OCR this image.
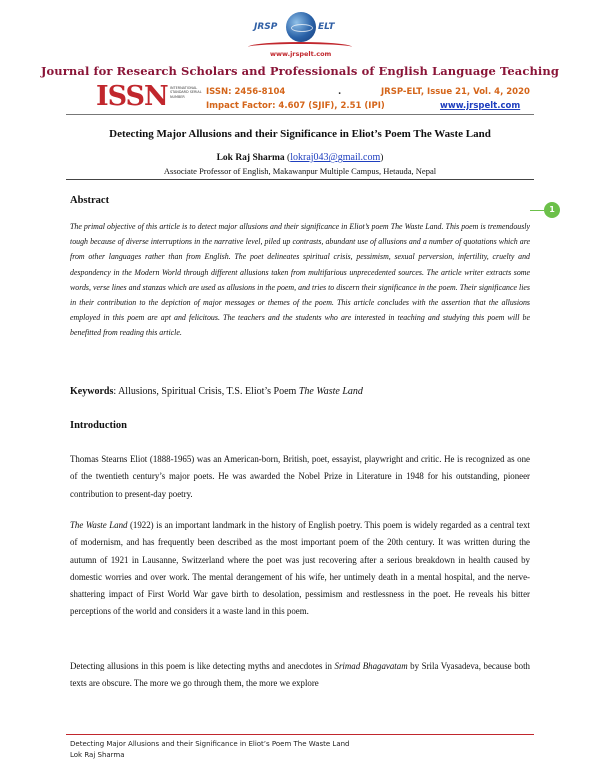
JRSP	ELT
www.jrspelt.com
Journal for Research Scholars and Professionals of English Language Teaching
ISSN INTERNATIONAL STANDARD SERIAL NUMBER	ISSN: 2456-8104	.	JRSP-ELT, Issue 21, Vol. 4, 2020
Impact Factor: 4.607 (SJIF), 2.51 (IPI)	www.jrspelt.com
Detecting Major Allusions and their Significance in Eliot’s Poem The Waste Land
Lok Raj Sharma (lokraj043@gmail.com)
Associate Professor of English, Makawanpur Multiple Campus, Hetauda, Nepal
Abstract
1
The primal objective of this article is to detect major allusions and their significance in Eliot’s poem The Waste Land. This poem is tremendously tough because of diverse interruptions in the narrative level, piled up contrasts, abundant use of allusions and a number of quotations which are from other languages rather than from English. The poet delineates spiritual crisis, pessimism, sexual perversion, infertility, cruelty and despondency in the Modern World through different allusions taken from multifarious unprecedented sources. The article writer extracts some words, verse lines and stanzas which are used as allusions in the poem, and tries to discern their significance in the poem. Their significance lies in their contribution to the depiction of major messages or themes of the poem. This article concludes with the assertion that the allusions employed in this poem are apt and felicitous. The teachers and the students who are interested in teaching and studying this poem will be benefitted from reading this article.
Keywords: Allusions, Spiritual Crisis, T.S. Eliot’s Poem The Waste Land
Introduction
Thomas Stearns Eliot (1888-1965) was an American-born, British, poet, essayist, playwright and critic. He is recognized as one of the twentieth century’s major poets. He was awarded the Nobel Prize in Literature in 1948 for his outstanding, pioneer contribution to present-day poetry.
The Waste Land (1922) is an important landmark in the history of English poetry. This poem is widely regarded as a central text of modernism, and has frequently been described as the most important poem of the 20th century. It was written during the autumn of 1921 in Lausanne, Switzerland where the poet was just recovering after a serious breakdown in health caused by domestic worries and over work. The mental derangement of his wife, her untimely death in a mental hospital, and the nerve-shattering impact of First World War gave birth to desolation, pessimism and restlessness in the poet. He reveals his bitter perceptions of the world and considers it a waste land in this poem.
Detecting allusions in this poem is like detecting myths and anecdotes in Srimad Bhagavatam by Srila Vyasadeva, because both texts are obscure. The more we go through them, the more we explore
Detecting Major Allusions and their Significance in Eliot’s Poem The Waste Land
Lok Raj Sharma
